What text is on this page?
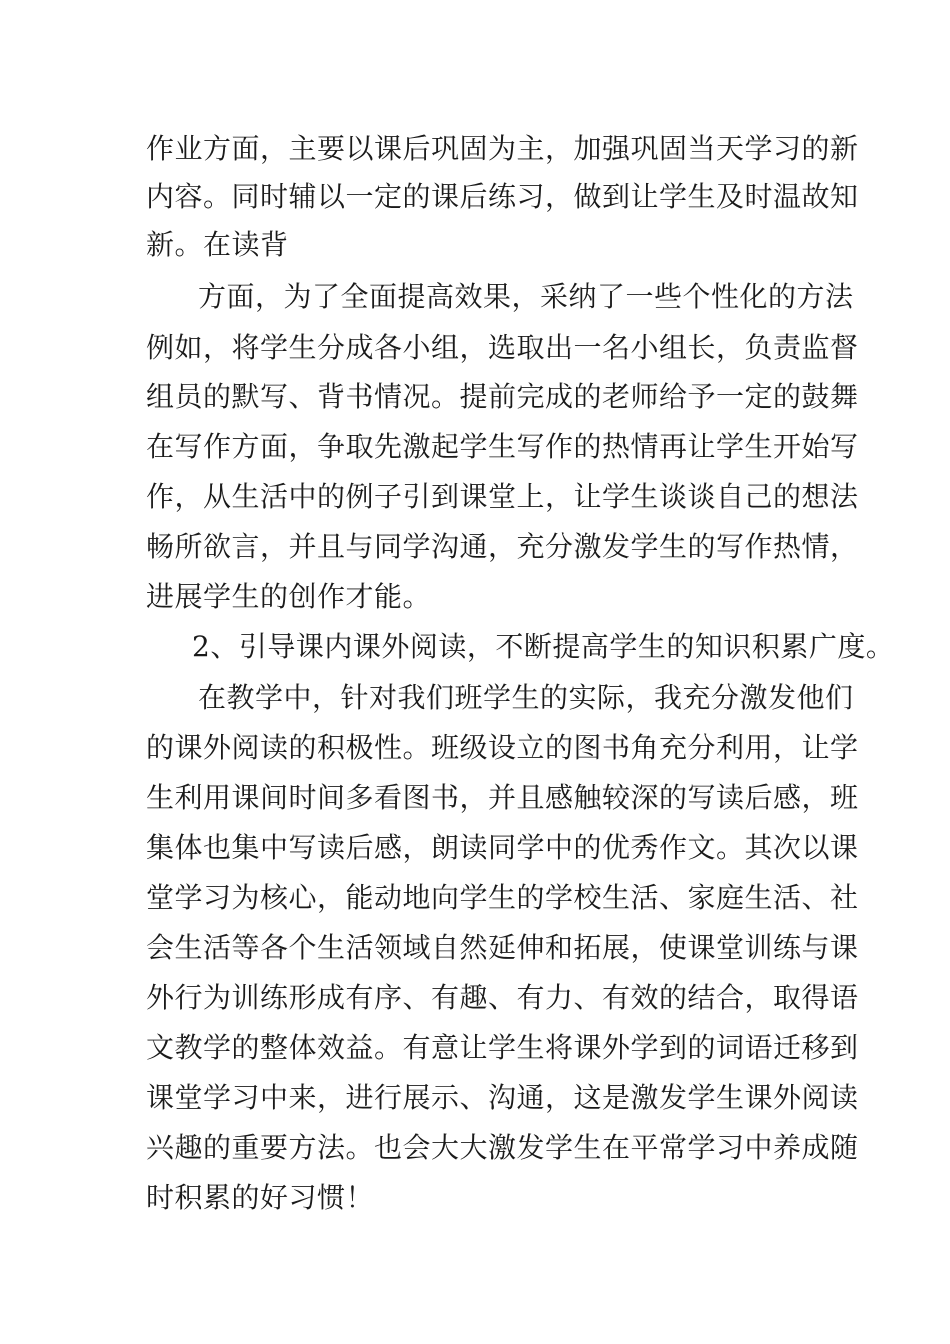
作业方面，主要以课后巩固为主，加强巩固当天学习的新
内容。同时辅以一定的课后练习，做到让学生及时温故知
新。在读背
方面，为了全面提高效果，采纳了一些个性化的方法
例如，将学生分成各小组，选取出一名小组长，负责监督
组员的默写、背书情况。提前完成的老师给予一定的鼓舞
在写作方面，争取先激起学生写作的热情再让学生开始写
作，从生活中的例子引到课堂上，让学生谈谈自己的想法
畅所欲言，并且与同学沟通，充分激发学生的写作热情，
进展学生的创作才能。
2、引导课内课外阅读，不断提高学生的知识积累广度。
在教学中，针对我们班学生的实际，我充分激发他们
的课外阅读的积极性。班级设立的图书角充分利用，让学
生利用课间时间多看图书，并且感触较深的写读后感，班
集体也集中写读后感，朗读同学中的优秀作文。其次以课
堂学习为核心，能动地向学生的学校生活、家庭生活、社
会生活等各个生活领域自然延伸和拓展，使课堂训练与课
外行为训练形成有序、有趣、有力、有效的结合，取得语
文教学的整体效益。有意让学生将课外学到的词语迁移到
课堂学习中来，进行展示、沟通，这是激发学生课外阅读
兴趣的重要方法。也会大大激发学生在平常学习中养成随
时积累的好习惯！
